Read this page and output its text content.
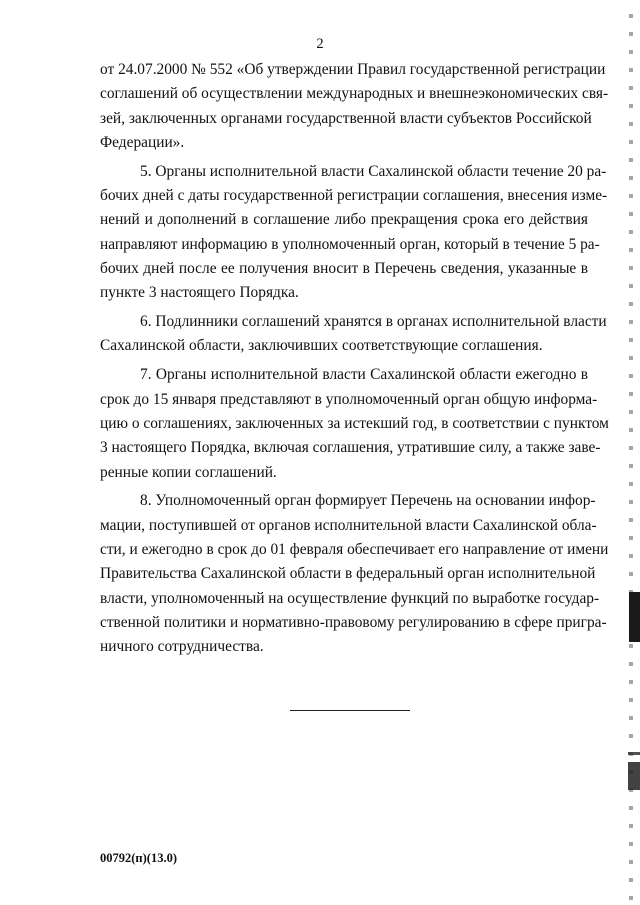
2
от 24.07.2000 № 552 «Об утверждении Правил государственной регистрации
соглашений об осуществлении международных и внешнеэкономических свя-
зей, заключенных органами государственной власти субъектов Российской
Федерации».
5. Органы исполнительной власти Сахалинской области течение 20 ра-
бочих дней с даты государственной регистрации соглашения, внесения изме-
нений и дополнений в соглашение либо прекращения срока его действия
направляют информацию в уполномоченный орган, который в течение 5 ра-
бочих дней после ее получения вносит в Перечень сведения, указанные в
пункте 3 настоящего Порядка.
6. Подлинники соглашений хранятся в органах исполнительной власти
Сахалинской области, заключивших соответствующие соглашения.
7. Органы исполнительной власти Сахалинской области ежегодно в
срок до 15 января представляют в уполномоченный орган общую информа-
цию о соглашениях, заключенных за истекший год, в соответствии с пунктом
3 настоящего Порядка, включая соглашения, утратившие силу, а также заве-
ренные копии соглашений.
8. Уполномоченный орган формирует Перечень на основании инфор-
мации, поступившей от органов исполнительной власти Сахалинской обла-
сти, и ежегодно в срок до 01 февраля обеспечивает его направление от имени
Правительства Сахалинской области в федеральный орган исполнительной
власти, уполномоченный на осуществление функций по выработке государ-
ственной политики и нормативно-правовому регулированию в сфере пригра-
ничного сотрудничества.
00792(п)(13.0)
